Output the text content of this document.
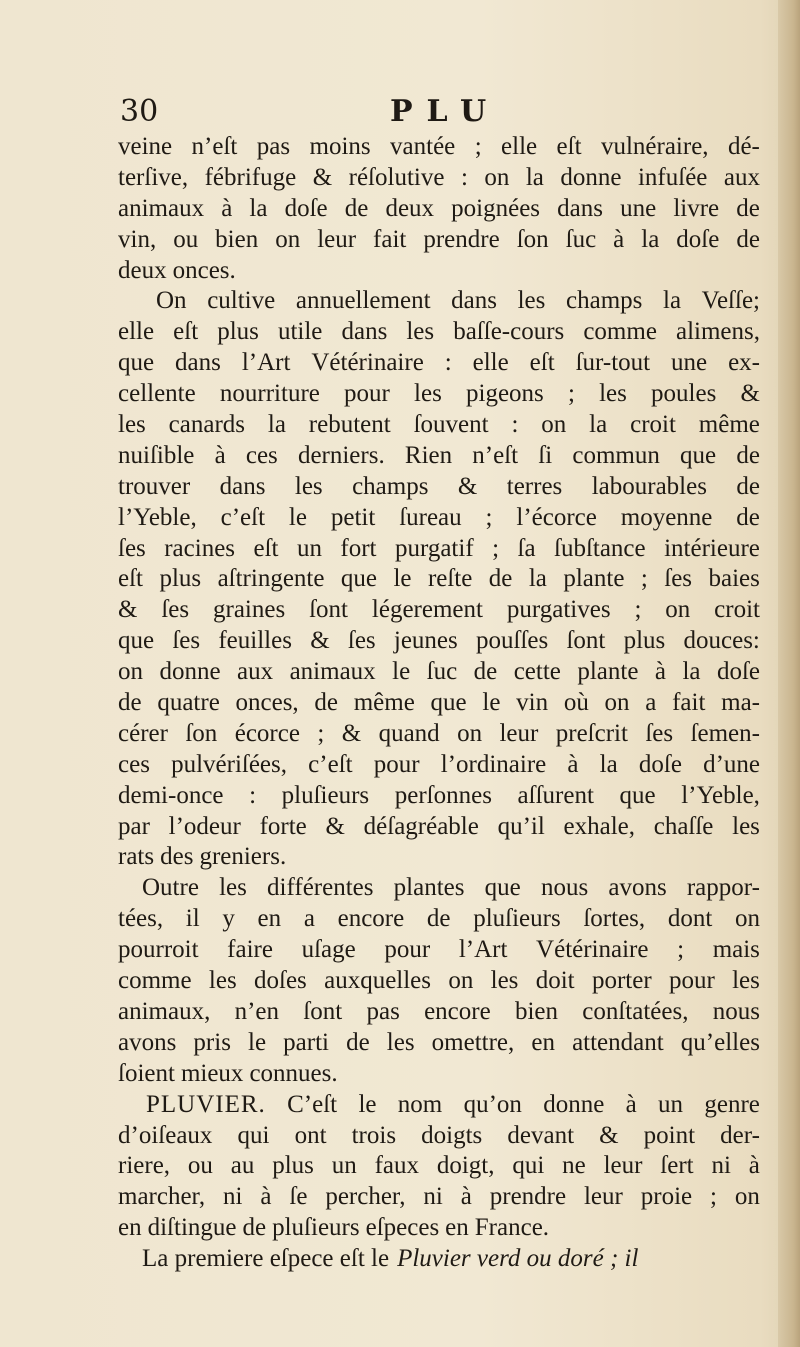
30	PLU
veine n’eſt pas moins vantée ; elle eſt vulnéraire, dé-
terſive, fébrifuge & réſolutive : on la donne infuſée aux
animaux à la doſe de deux poignées dans une livre de
vin, ou bien on leur fait prendre ſon ſuc à la doſe de
deux onces.
On cultive annuellement dans les champs la Veſſe;
elle eſt plus utile dans les baſſe-cours comme alimens,
que dans l’Art Vétérinaire : elle eſt ſur-tout une ex-
cellente nourriture pour les pigeons ; les poules &
les canards la rebutent ſouvent : on la croit même
nuiſible à ces derniers. Rien n’eſt ſi commun que de
trouver dans les champs & terres labourables de
l’Yeble, c’eſt le petit ſureau ; l’écorce moyenne de
ſes racines eſt un fort purgatif ; ſa ſubſtance intérieure
eſt plus aſtringente que le reſte de la plante ; ſes baies
& ſes graines ſont légerement purgatives ; on croit
que ſes feuilles & ſes jeunes pouſſes ſont plus douces:
on donne aux animaux le ſuc de cette plante à la doſe
de quatre onces, de même que le vin où on a fait ma-
cérer ſon écorce ; & quand on leur preſcrit ſes ſemen-
ces pulvériſées, c’eſt pour l’ordinaire à la doſe d’une
demi-once : pluſieurs perſonnes aſſurent que l’Yeble,
par l’odeur forte & déſagréable qu’il exhale, chaſſe les
rats des greniers.
Outre les différentes plantes que nous avons rappor-
tées, il y en a encore de pluſieurs ſortes, dont on
pourroit faire uſage pour l’Art Vétérinaire ; mais
comme les doſes auxquelles on les doit porter pour les
animaux, n’en ſont pas encore bien conſtatées, nous
avons pris le parti de les omettre, en attendant qu’elles
ſoient mieux connues.
PLUVIER. C’eſt le nom qu’on donne à un genre
d’oiſeaux qui ont trois doigts devant & point der-
riere, ou au plus un faux doigt, qui ne leur ſert ni à
marcher, ni à ſe percher, ni à prendre leur proie ; on
en diſtingue de pluſieurs eſpeces en France.
La premiere eſpece eſt le Pluvier verd ou doré ; il
